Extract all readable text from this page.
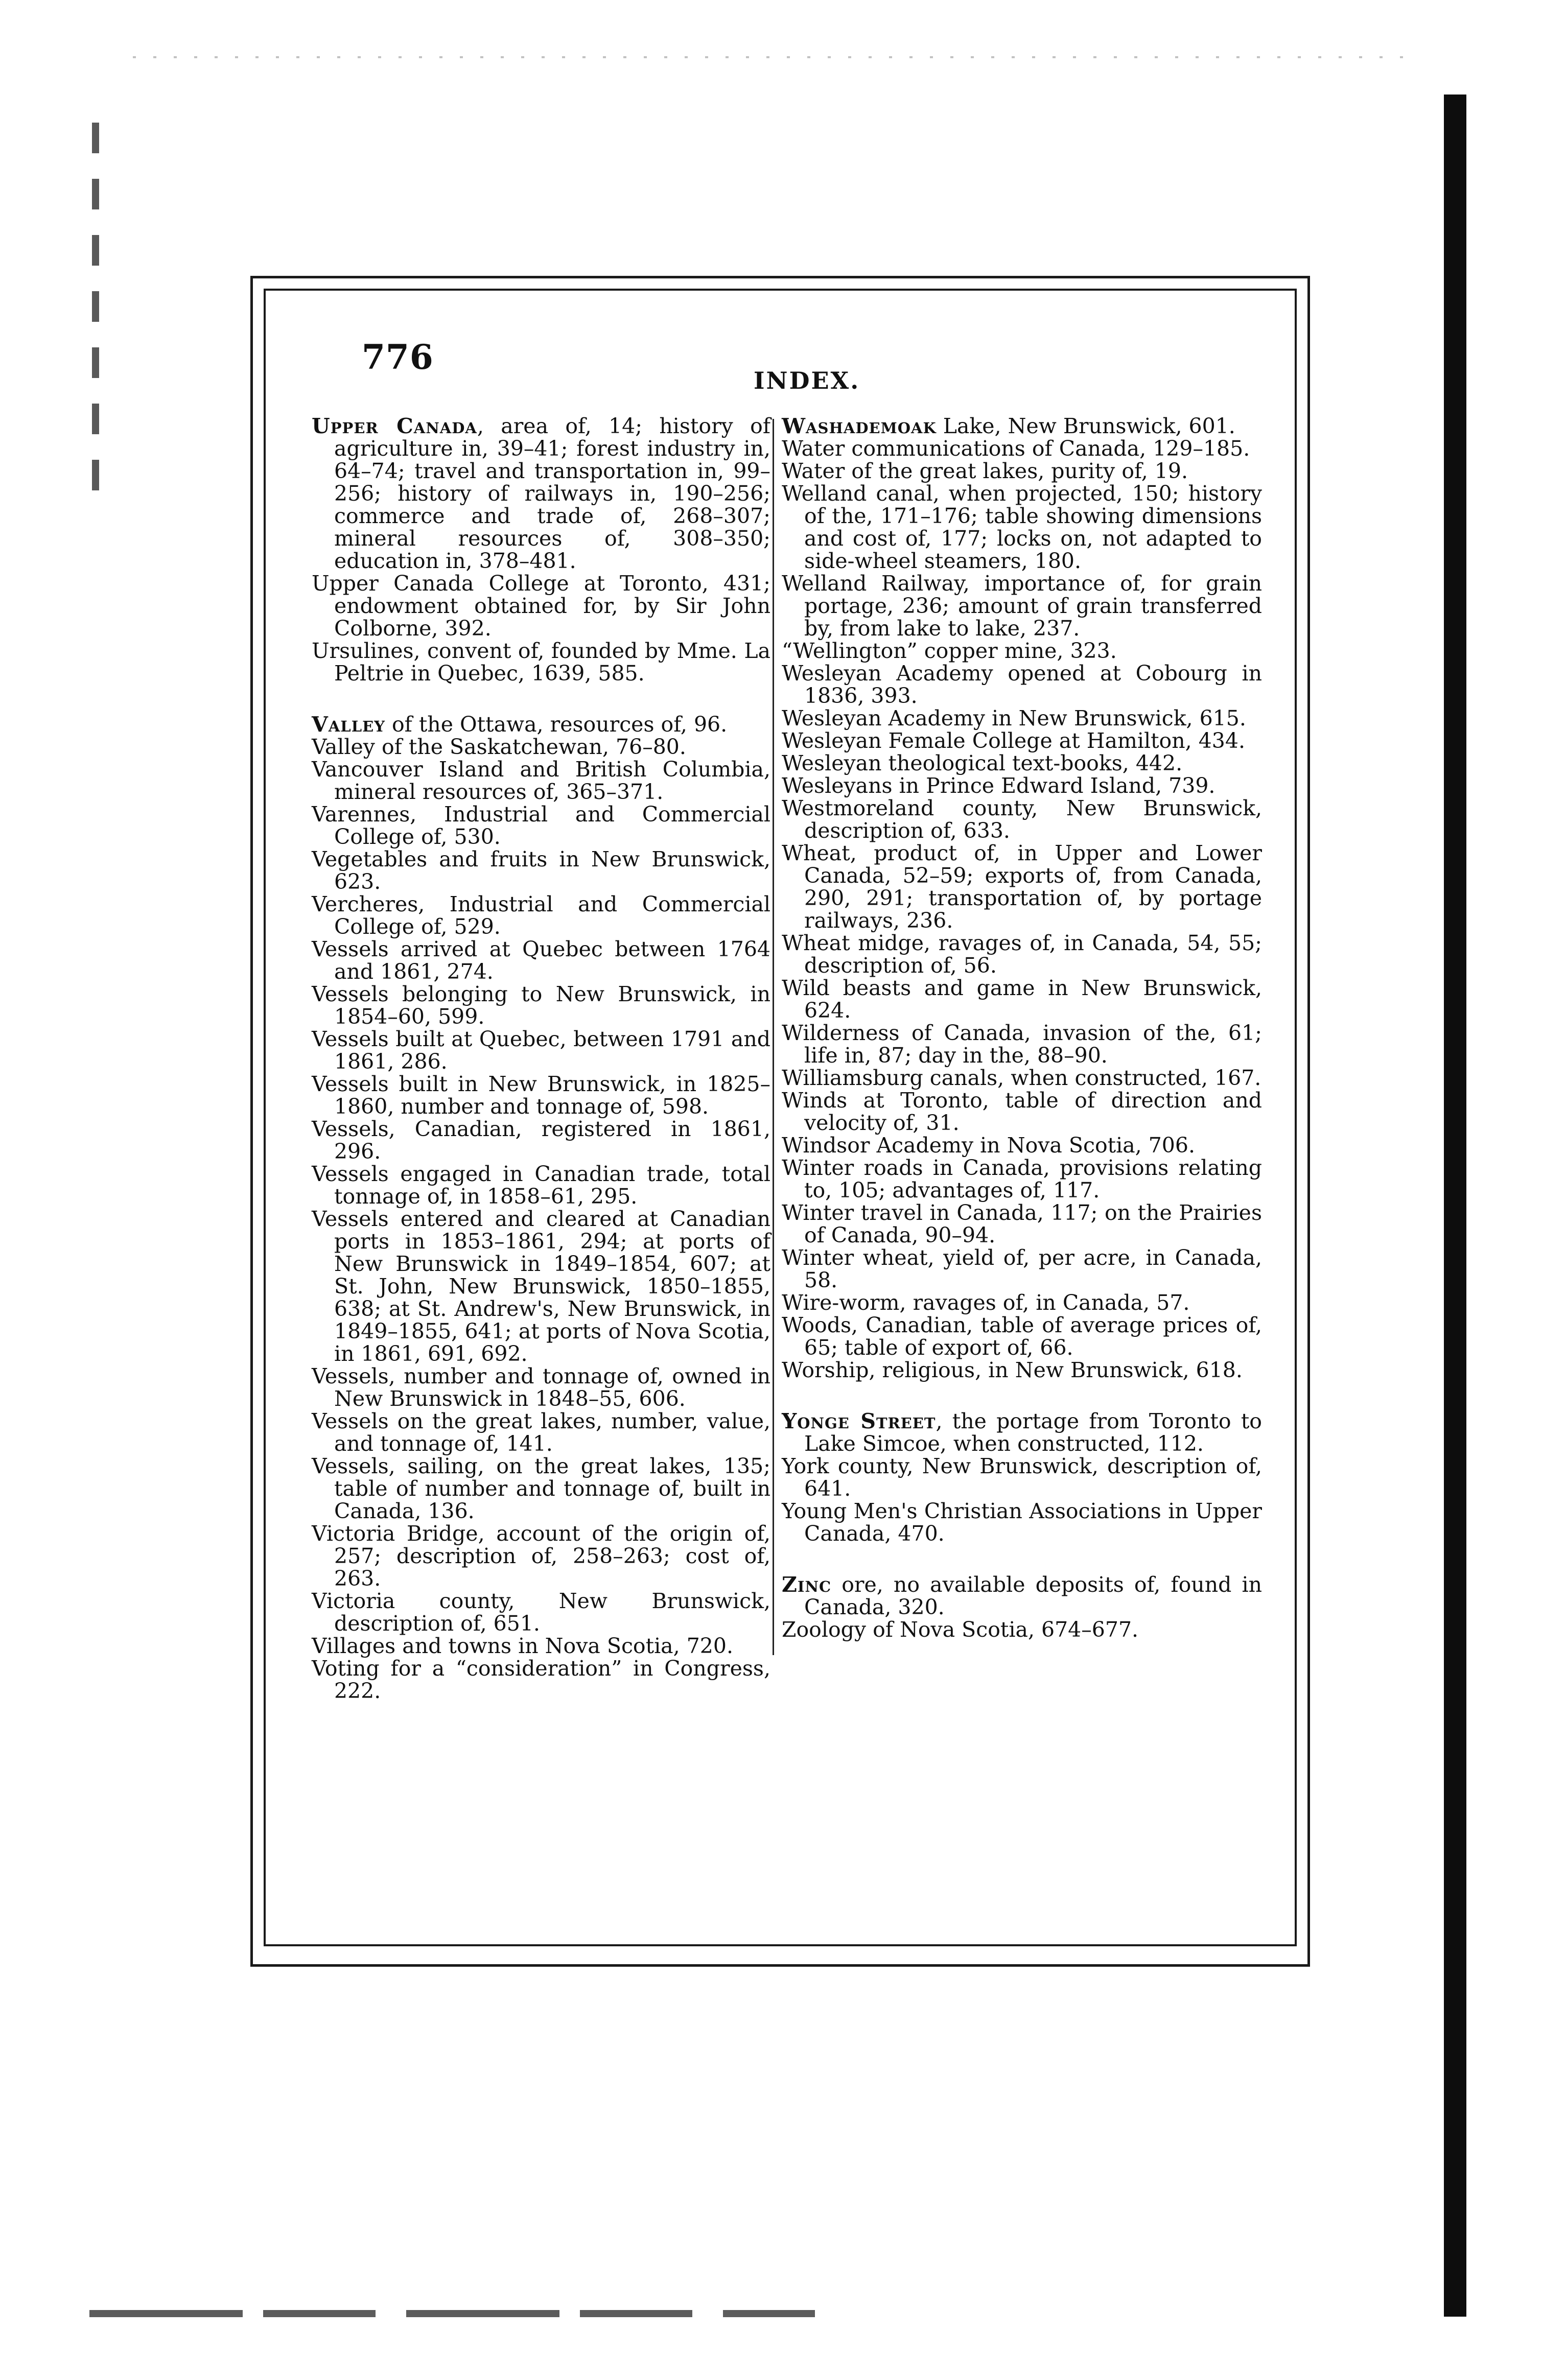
776
INDEX.

Upper Canada, area of, 14; history of agriculture in, 39–41; forest industry in, 64–74; travel and transportation in, 99–256; history of railways in, 190–256; commerce and trade of, 268–307; mineral resources of, 308–350; education in, 378–481.

Upper Canada College at Toronto, 431; endowment obtained for, by Sir John Colborne, 392.

Ursulines, convent of, founded by Mme. La Peltrie in Quebec, 1639, 585.

Valley of the Ottawa, resources of, 96.

Valley of the Saskatchewan, 76–80.

Vancouver Island and British Columbia, mineral resources of, 365–371.

Varennes, Industrial and Commercial College of, 530.

Vegetables and fruits in New Brunswick, 623.

Vercheres, Industrial and Commercial College of, 529.

Vessels arrived at Quebec between 1764 and 1861, 274.

Vessels belonging to New Brunswick, in 1854–60, 599.

Vessels built at Quebec, between 1791 and 1861, 286.

Vessels built in New Brunswick, in 1825–1860, number and tonnage of, 598.

Vessels, Canadian, registered in 1861, 296.

Vessels engaged in Canadian trade, total tonnage of, in 1858–61, 295.

Vessels entered and cleared at Canadian ports in 1853–1861, 294; at ports of New Brunswick in 1849–1854, 607; at St. John, New Brunswick, 1850–1855, 638; at St. Andrew's, New Brunswick, in 1849–1855, 641; at ports of Nova Scotia, in 1861, 691, 692.

Vessels, number and tonnage of, owned in New Brunswick in 1848–55, 606.

Vessels on the great lakes, number, value, and tonnage of, 141.

Vessels, sailing, on the great lakes, 135; table of number and tonnage of, built in Canada, 136.

Victoria Bridge, account of the origin of, 257; description of, 258–263; cost of, 263.

Victoria county, New Brunswick, description of, 651.

Villages and towns in Nova Scotia, 720.

Voting for a “consideration” in Congress, 222.

Washademoak Lake, New Brunswick, 601.

Water communications of Canada, 129–185.

Water of the great lakes, purity of, 19.

Welland canal, when projected, 150; history of the, 171–176; table showing dimensions and cost of, 177; locks on, not adapted to side-wheel steamers, 180.

Welland Railway, importance of, for grain portage, 236; amount of grain transferred by, from lake to lake, 237.

“Wellington” copper mine, 323.

Wesleyan Academy opened at Cobourg in 1836, 393.

Wesleyan Academy in New Brunswick, 615.

Wesleyan Female College at Hamilton, 434.

Wesleyan theological text-books, 442.

Wesleyans in Prince Edward Island, 739.

Westmoreland county, New Brunswick, description of, 633.

Wheat, product of, in Upper and Lower Canada, 52–59; exports of, from Canada, 290, 291; transportation of, by portage railways, 236.

Wheat midge, ravages of, in Canada, 54, 55; description of, 56.

Wild beasts and game in New Brunswick, 624.

Wilderness of Canada, invasion of the, 61; life in, 87; day in the, 88–90.

Williamsburg canals, when constructed, 167.

Winds at Toronto, table of direction and velocity of, 31.

Windsor Academy in Nova Scotia, 706.

Winter roads in Canada, provisions relating to, 105; advantages of, 117.

Winter travel in Canada, 117; on the Prairies of Canada, 90–94.

Winter wheat, yield of, per acre, in Canada, 58.

Wire-worm, ravages of, in Canada, 57.

Woods, Canadian, table of average prices of, 65; table of export of, 66.

Worship, religious, in New Brunswick, 618.

Yonge Street, the portage from Toronto to Lake Simcoe, when constructed, 112.

York county, New Brunswick, description of, 641.

Young Men's Christian Associations in Upper Canada, 470.

Zinc ore, no available deposits of, found in Canada, 320.

Zoology of Nova Scotia, 674–677.
